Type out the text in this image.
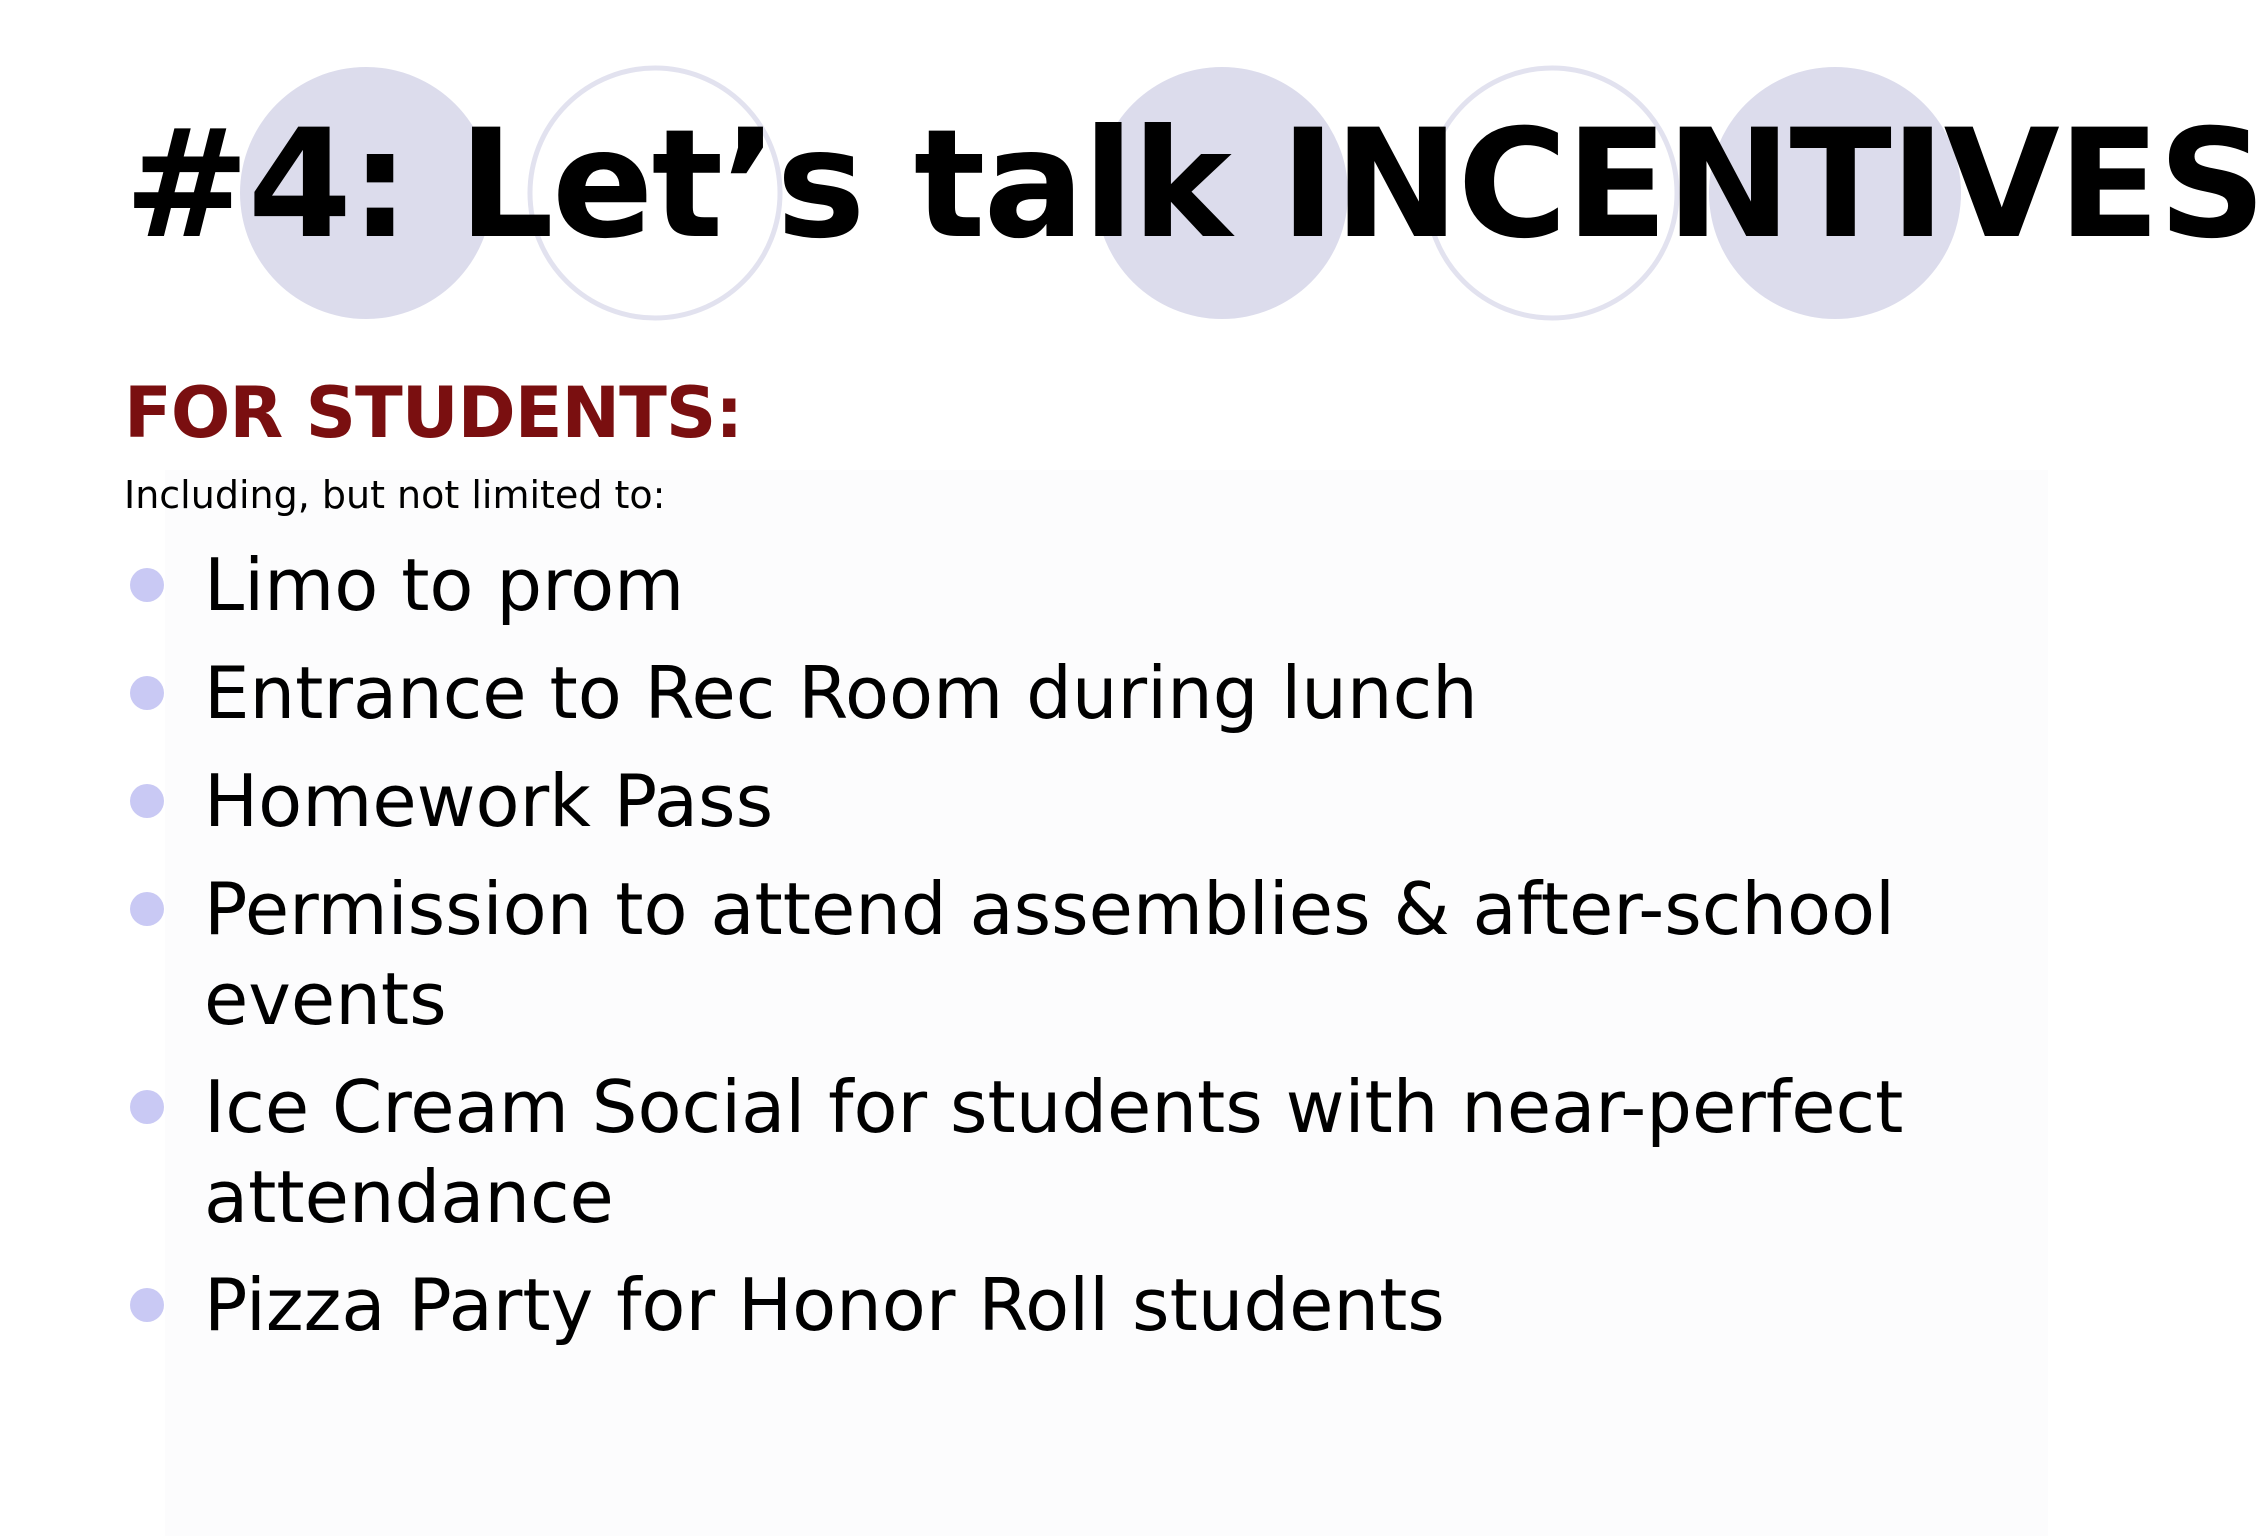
#4: Let’s talk INCENTIVES
FOR STUDENTS:

Including, but not limited to:

Limo to prom
Entrance to Rec Room during lunch
Homework Pass
Permission to attend assemblies & after-school events
Ice Cream Social for students with near-perfect attendance
Pizza Party for Honor Roll students
